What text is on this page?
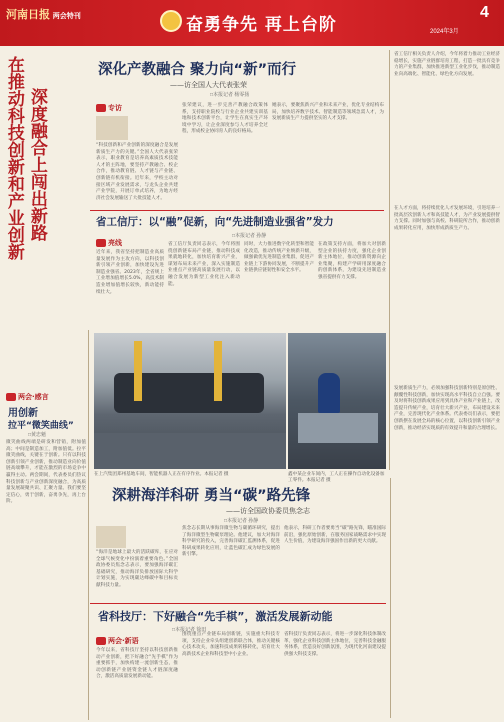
河南日报 两会特刊	奋勇争先 再上台阶
4
2024年3月
在推动科技创新和产业创新 深度融合上闯出新路
深化产教融合 聚力向“新”而行
——访全国人大代表张荣
□本报记者 杨零扬
专访
“科技创新和产业创新的深度融合是发展新质生产力的关键。”全国人大代表张荣表示，职业教育是培养高素质技术技能人才的主阵地，要坚持产教融合、校企合作，推动教育链、人才链与产业链、创新链有机衔接。近年来，学校主动对接区域产业发展需求，与龙头企业共建产业学院，开展订单式培养，为地方经济社会发展输送了大批技能人才。
张荣建议，进一步完善产教融合政策体系，支持职业院校与行业企业共建实训基地和技术创新平台，让学生在真实生产环境中学习，让企业深度参与人才培养全过程，形成校企协同育人的良好格局。
她表示，要聚焦新兴产业和未来产业，优化专业结构布局，加快培养数字技术、智能制造等领域急需人才，为发展新质生产力提供坚实的人才支撑。
省工信厅相关负责人介绍，今年将着力推动工业经济稳增长，实施产业链群培育工程，打造一批具有竞争力的产业集群，加快推进新型工业化步伐，推动制造业向高端化、智能化、绿色化方向发展。
在人才方面，将持续优化人才发展环境，引进培养一批高层次创新人才和高技能人才，为产业发展提供智力支撑。同时加强与高校、科研院所合作，推动创新成果转化应用，加快形成新质生产力。
省工信厅：以“融”促新，向“先进制造业强省”发力
□本报记者 孙静
亮线
近年来，我省坚持把制造业高质量发展作为主攻方向，以科技创新引领产业创新，加快建设先进制造业强省。2023年，全省规上工业增加值增长5.0%，高技术制造业增加值增长较快，新动能持续壮大。
省工信厅负责同志表示，今年将围绕创新链布局产业链，推动科技成果就地转化，加快培育新兴产业，谋划布局未来产业，深入实施制造业重点产业链高质量发展行动，以融合发展为新型工业化注入新动能。
同时，大力推进数字化转型和智能化改造，推动传统产业焕新升级，做强做优先进制造业集群，促进产业链上下游协同发展，不断提升产业链供应链韧性和安全水平。
在政策支持方面，将加大对创新型企业的扶持力度，强化企业创新主体地位，推动创新资源向企业集聚，构建产学研用深度融合的创新体系，为建设先进制造业强省提供有力支撑。
在上汽集团郑州基地车间，智能机器人正在有序作业。本报记者 摄	鑫中某企业车间内，工人正在操作自动化设备加工零件。本报记者 摄
两会·感言
用创新
拉平“微笑曲线”
□黄忠魁
微笑曲线两端是研发和营销，附加值高；中间是制造加工，附加值低。拉平微笑曲线，关键在于创新。只有以科技创新引领产业创新，推动制造业向价值链高端攀升，才能在激烈的市场竞争中赢得主动。两会期间，代表委员们热议科技创新与产业创新深度融合，为高质量发展凝聚共识、汇聚力量。我们要坚定信心，勇于创新，奋勇争先，再上台阶。	深耕海洋科研 勇当“碳”路先锋
——访全国政协委员焦念志
□本报记者 孙静
“海洋是地球上最大的活跃碳库，在应对全球气候变化中扮演着重要角色。”全国政协委员焦念志表示，要加强海洋碳汇基础研究，推动海洋负排放国际大科学计划实施，为实现碳达峰碳中和目标贡献科技力量。
焦念志长期从事海洋微生物与碳循环研究，提出了海洋微型生物碳泵理论。他建议，加大对海洋科学研究的投入，完善海洋碳汇监测体系，促进科研成果转化应用，让蓝色碳汇成为绿色发展的新引擎。
他表示，科研工作者要勇当“碳”路先锋，瞄准国际前沿，强化原始创新，在服务国家战略需求中实现人生价值，为建设海洋强国作出新的更大贡献。
发展新质生产力，必须加强科技创新特别是原创性、颠覆性科技创新，加快实现高水平科技自立自强。要及时将科技创新成果应用到具体产业和产业链上，改造提升传统产业，培育壮大新兴产业，布局建设未来产业，完善现代化产业体系。代表委员们表示，要把创新摆在发展全局的核心位置，以科技创新引领产业创新，推动经济实现质的有效提升和量的合理增长。
省科技厅：下好融合“先手棋”，激活发展新动能
□本报记者 徐田
两会·新语
今年以来，省科技厅坚持以科技创新推动产业创新，把下好融合“先手棋”作为重要抓手，加快构建一流创新生态，推动创新链产业链资金链人才链深度融合，激活高质量发展新动能。
围绕重点产业链布局创新链，实施重大科技专项，支持企业牵头组建创新联合体，推动关键核心技术攻关，加速科技成果转移转化，培育壮大高新技术企业和科技型中小企业。
省科技厅负责同志表示，将进一步深化科技体制改革，强化企业科技创新主体地位，完善科技金融服务体系，营造良好创新氛围，为现代化河南建设提供强大科技支撑。
